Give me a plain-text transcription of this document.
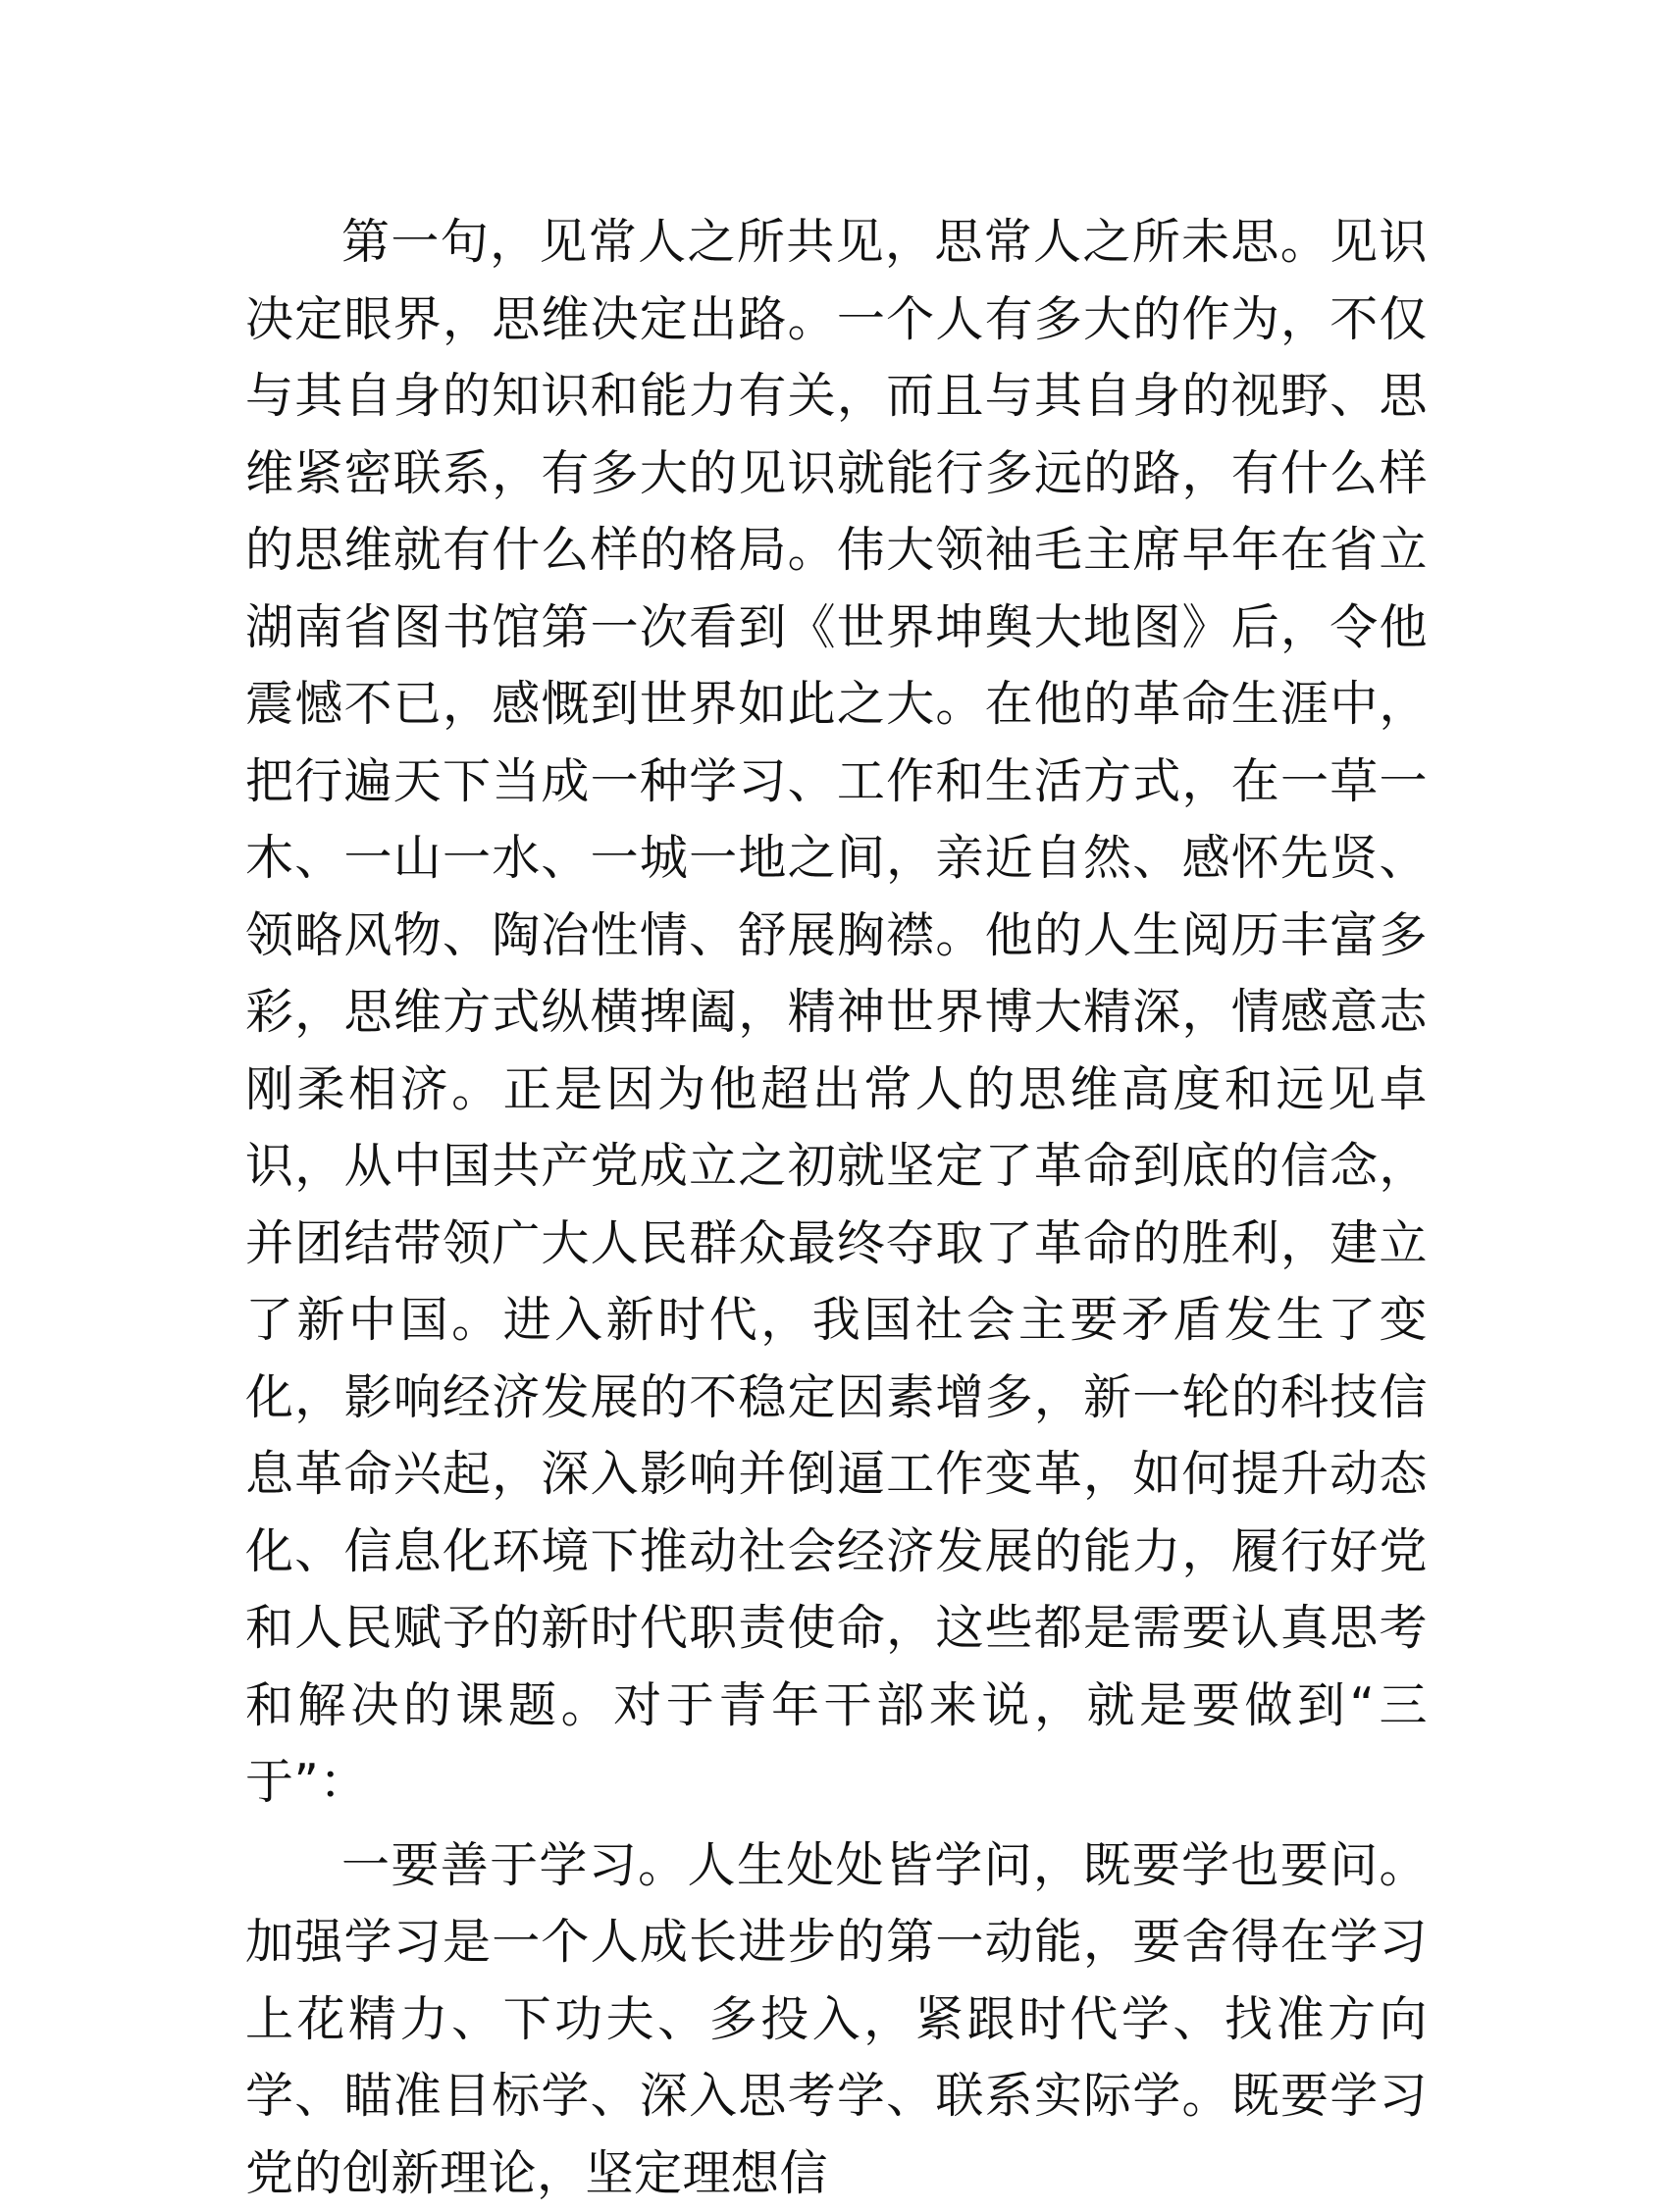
第一句，见常人之所共见，思常人之所未思。见识决定眼界，思维决定出路。一个人有多大的作为，不仅与其自身的知识和能力有关，而且与其自身的视野、思维紧密联系，有多大的见识就能行多远的路，有什么样的思维就有什么样的格局。伟大领袖毛主席早年在省立湖南省图书馆第一次看到《世界坤舆大地图》后，令他震憾不已，感慨到世界如此之大。在他的革命生涯中，把行遍天下当成一种学习、工作和生活方式，在一草一木、一山一水、一城一地之间，亲近自然、感怀先贤、领略风物、陶冶性情、舒展胸襟。他的人生阅历丰富多彩，思维方式纵横捭阖，精神世界博大精深，情感意志刚柔相济。正是因为他超出常人的思维高度和远见卓识，从中国共产党成立之初就坚定了革命到底的信念，并团结带领广大人民群众最终夺取了革命的胜利，建立了新中国。进入新时代，我国社会主要矛盾发生了变化，影响经济发展的不稳定因素增多，新一轮的科技信息革命兴起，深入影响并倒逼工作变革，如何提升动态化、信息化环境下推动社会经济发展的能力，履行好党和人民赋予的新时代职责使命，这些都是需要认真思考和解决的课题。对于青年干部来说，就是要做到“三于”：

一要善于学习。人生处处皆学问，既要学也要问。加强学习是一个人成长进步的第一动能，要舍得在学习上花精力、下功夫、多投入，紧跟时代学、找准方向学、瞄准目标学、深入思考学、联系实际学。既要学习党的创新理论，坚定理想信
